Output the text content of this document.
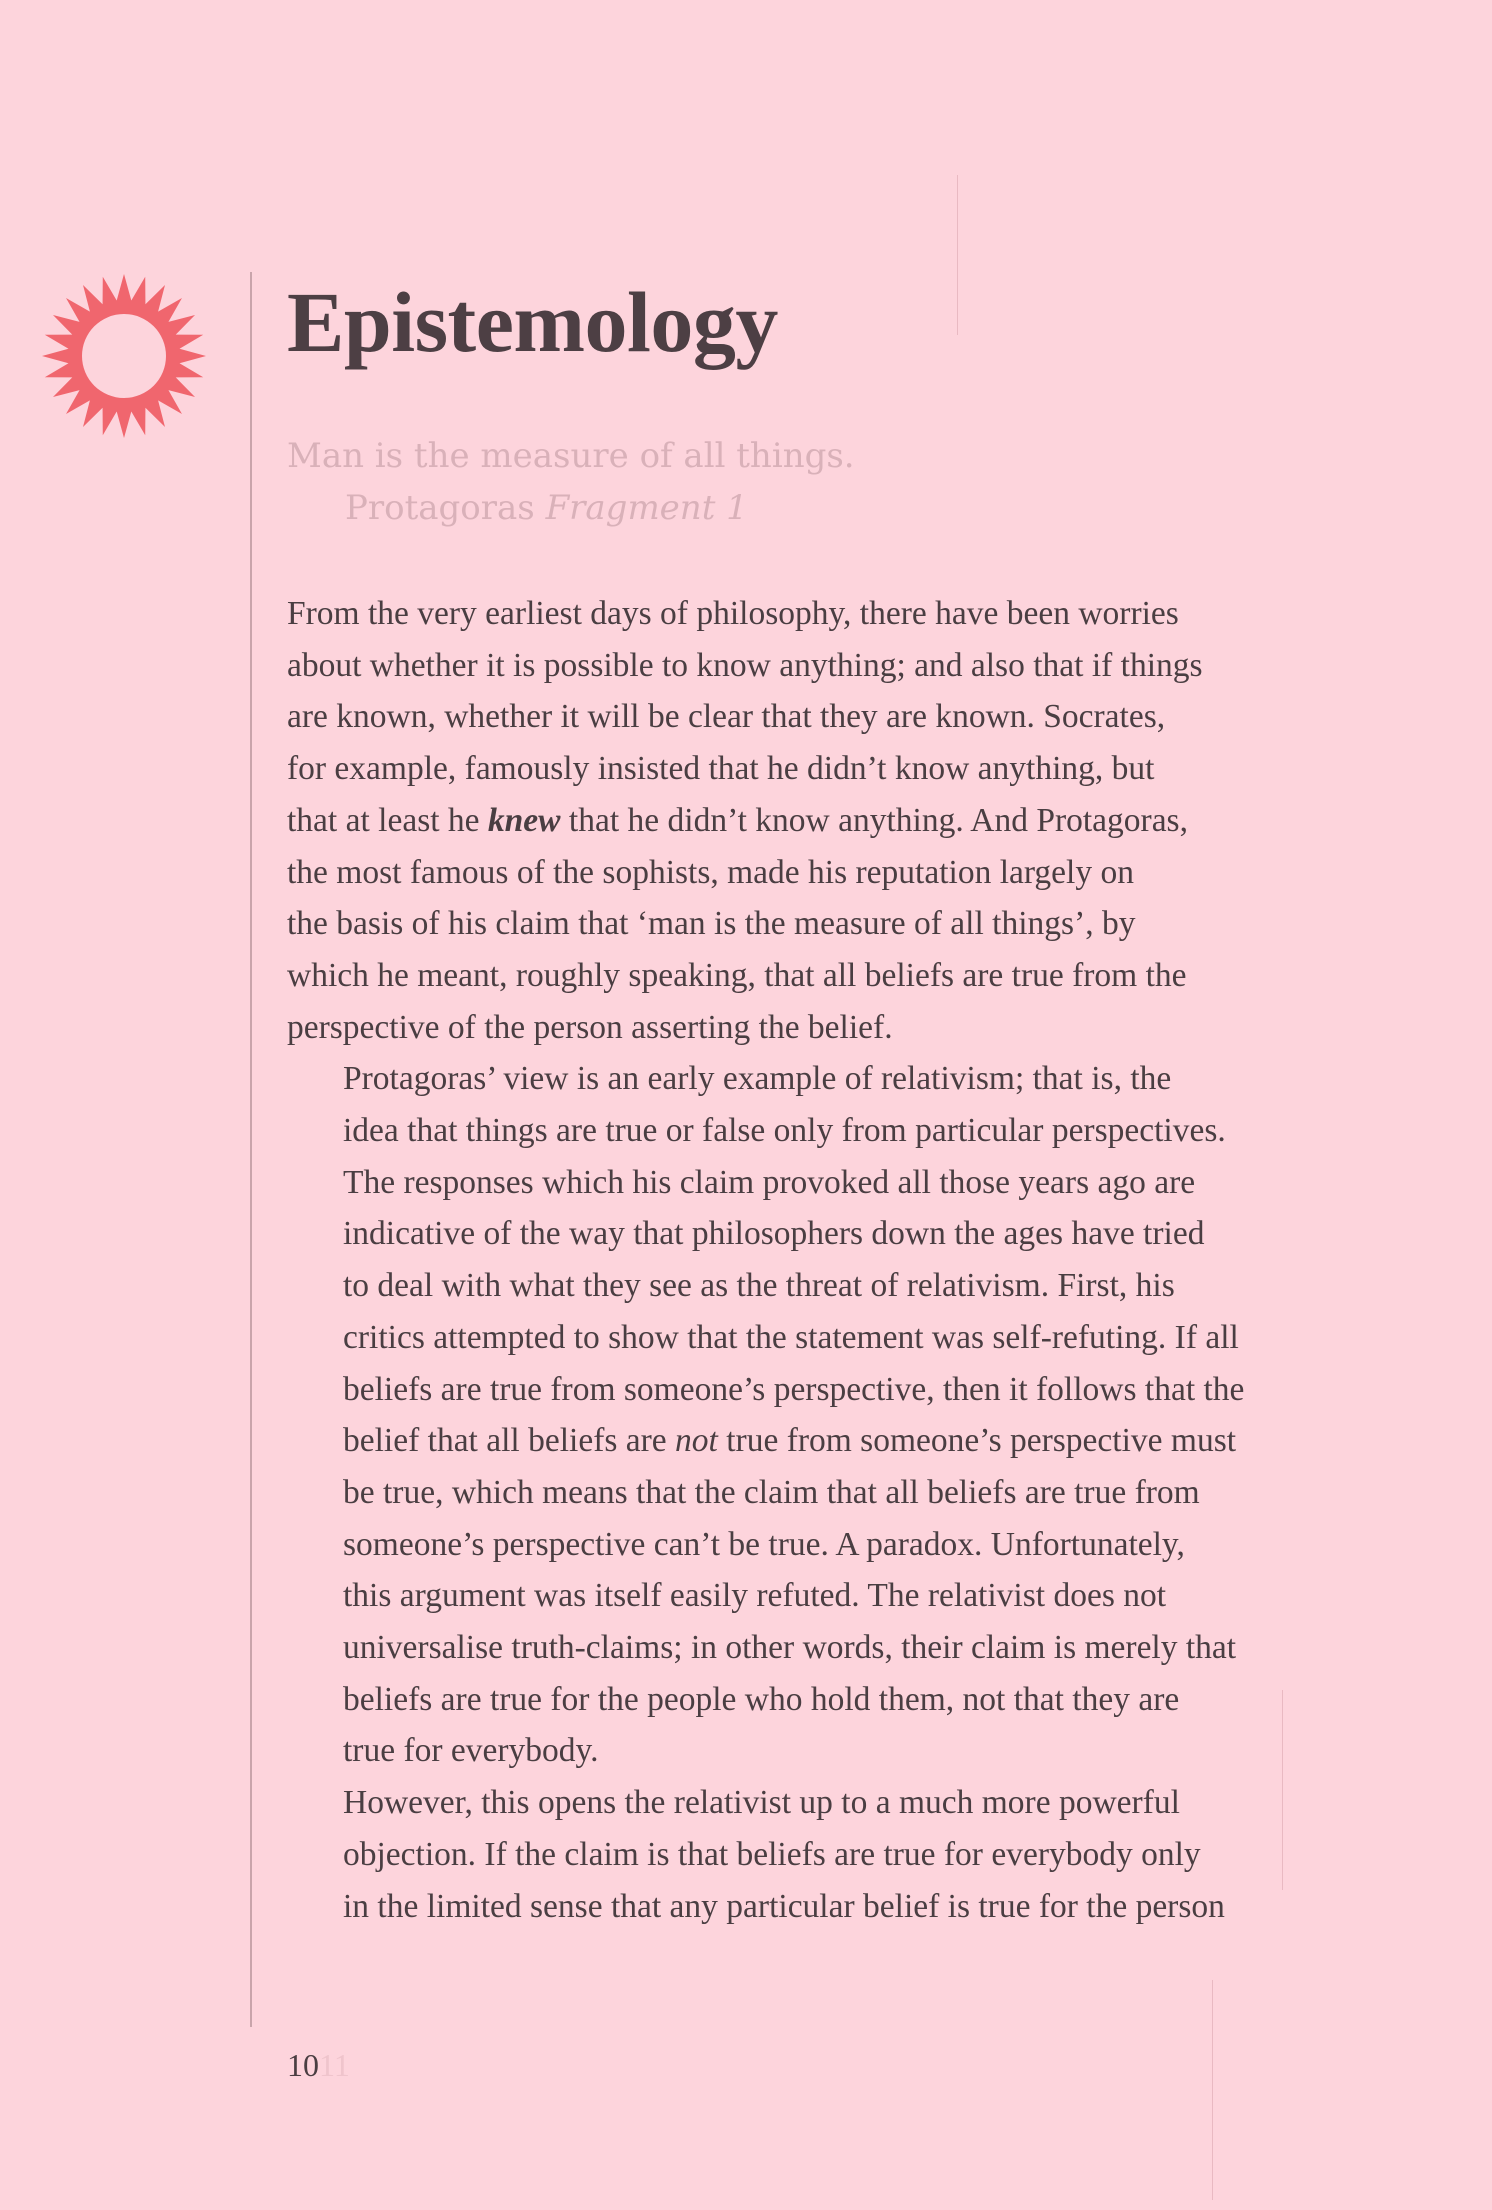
Epistemology
Man is the measure of all things.
Protagoras Fragment 1

From the very earliest days of philosophy, there have been worries
about whether it is possible to know anything; and also that if things
are known, whether it will be clear that they are known. Socrates,
for example, famously insisted that he didn’t know anything, but
that at least he knew that he didn’t know anything. And Protagoras,
the most famous of the sophists, made his reputation largely on
the basis of his claim that ‘man is the measure of all things’, by
which he meant, roughly speaking, that all beliefs are true from the
perspective of the person asserting the belief.

Protagoras’ view is an early example of relativism; that is, the
idea that things are true or false only from particular perspectives.
The responses which his claim provoked all those years ago are
indicative of the way that philosophers down the ages have tried
to deal with what they see as the threat of relativism. First, his
critics attempted to show that the statement was self-refuting. If all
beliefs are true from someone’s perspective, then it follows that the
belief that all beliefs are not true from someone’s perspective must
be true, which means that the claim that all beliefs are true from
someone’s perspective can’t be true. A paradox. Unfortunately,
this argument was itself easily refuted. The relativist does not
universalise truth-claims; in other words, their claim is merely that
beliefs are true for the people who hold them, not that they are
true for everybody.

However, this opens the relativist up to a much more powerful
objection. If the claim is that beliefs are true for everybody only
in the limited sense that any particular belief is true for the person

1011
